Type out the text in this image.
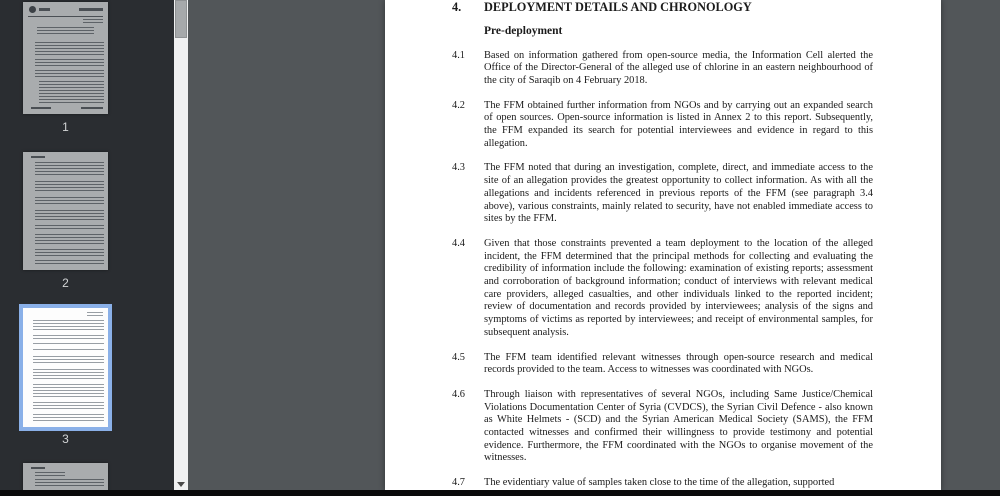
1
2
3
4.	DEPLOYMENT DETAILS AND CHRONOLOGY
Pre-deployment
4.1	Based on information gathered from open-source media, the Information Cell alerted the Office of the Director-General of the alleged use of chlorine in an eastern neighbourhood of the city of Saraqib on 4 February 2018.
4.2	The FFM obtained further information from NGOs and by carrying out an expanded search of open sources. Open-source information is listed in Annex 2 to this report. Subsequently, the FFM expanded its search for potential interviewees and evidence in regard to this allegation.
4.3	The FFM noted that during an investigation, complete, direct, and immediate access to the site of an allegation provides the greatest opportunity to collect information. As with all the allegations and incidents referenced in previous reports of the FFM (see paragraph 3.4 above), various constraints, mainly related to security, have not enabled immediate access to sites by the FFM.
4.4	Given that those constraints prevented a team deployment to the location of the alleged incident, the FFM determined that the principal methods for collecting and evaluating the credibility of information include the following: examination of existing reports; assessment and corroboration of background information; conduct of interviews with relevant medical care providers, alleged casualties, and other individuals linked to the reported incident; review of documentation and records provided by interviewees; analysis of the signs and symptoms of victims as reported by interviewees; and receipt of environmental samples, for subsequent analysis.
4.5	The FFM team identified relevant witnesses through open-source research and medical records provided to the team. Access to witnesses was coordinated with NGOs.
4.6	Through liaison with representatives of several NGOs, including Same Justice/Chemical Violations Documentation Center of Syria (CVDCS), the Syrian Civil Defence - also known as White Helmets - (SCD) and the Syrian American Medical Society (SAMS), the FFM contacted witnesses and confirmed their willingness to provide testimony and potential evidence. Furthermore, the FFM coordinated with the NGOs to organise movement of the witnesses.
4.7	The evidentiary value of samples taken close to the time of the allegation, supported
